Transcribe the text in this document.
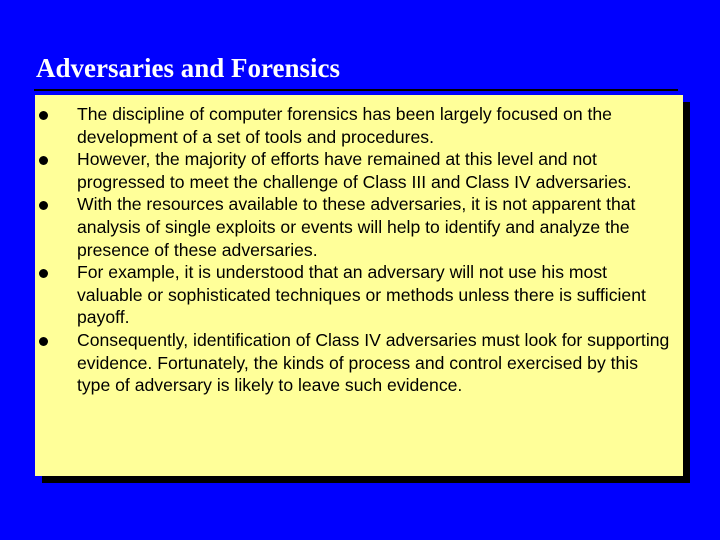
Adversaries and Forensics
The discipline of computer forensics has been largely focused on the development of a set of tools and procedures.
However, the majority of efforts have remained at this level and not progressed to meet the challenge of Class III and Class IV adversaries.
With the resources available to these adversaries, it is not apparent that analysis of single exploits or events will help to identify and analyze the presence of these adversaries.
For example, it is understood that an adversary will not use his most valuable or sophisticated techniques or methods unless there is sufficient payoff.
Consequently, identification of Class IV adversaries must look for supporting evidence. Fortunately, the kinds of process and control exercised by this type of adversary is likely to leave such evidence.
